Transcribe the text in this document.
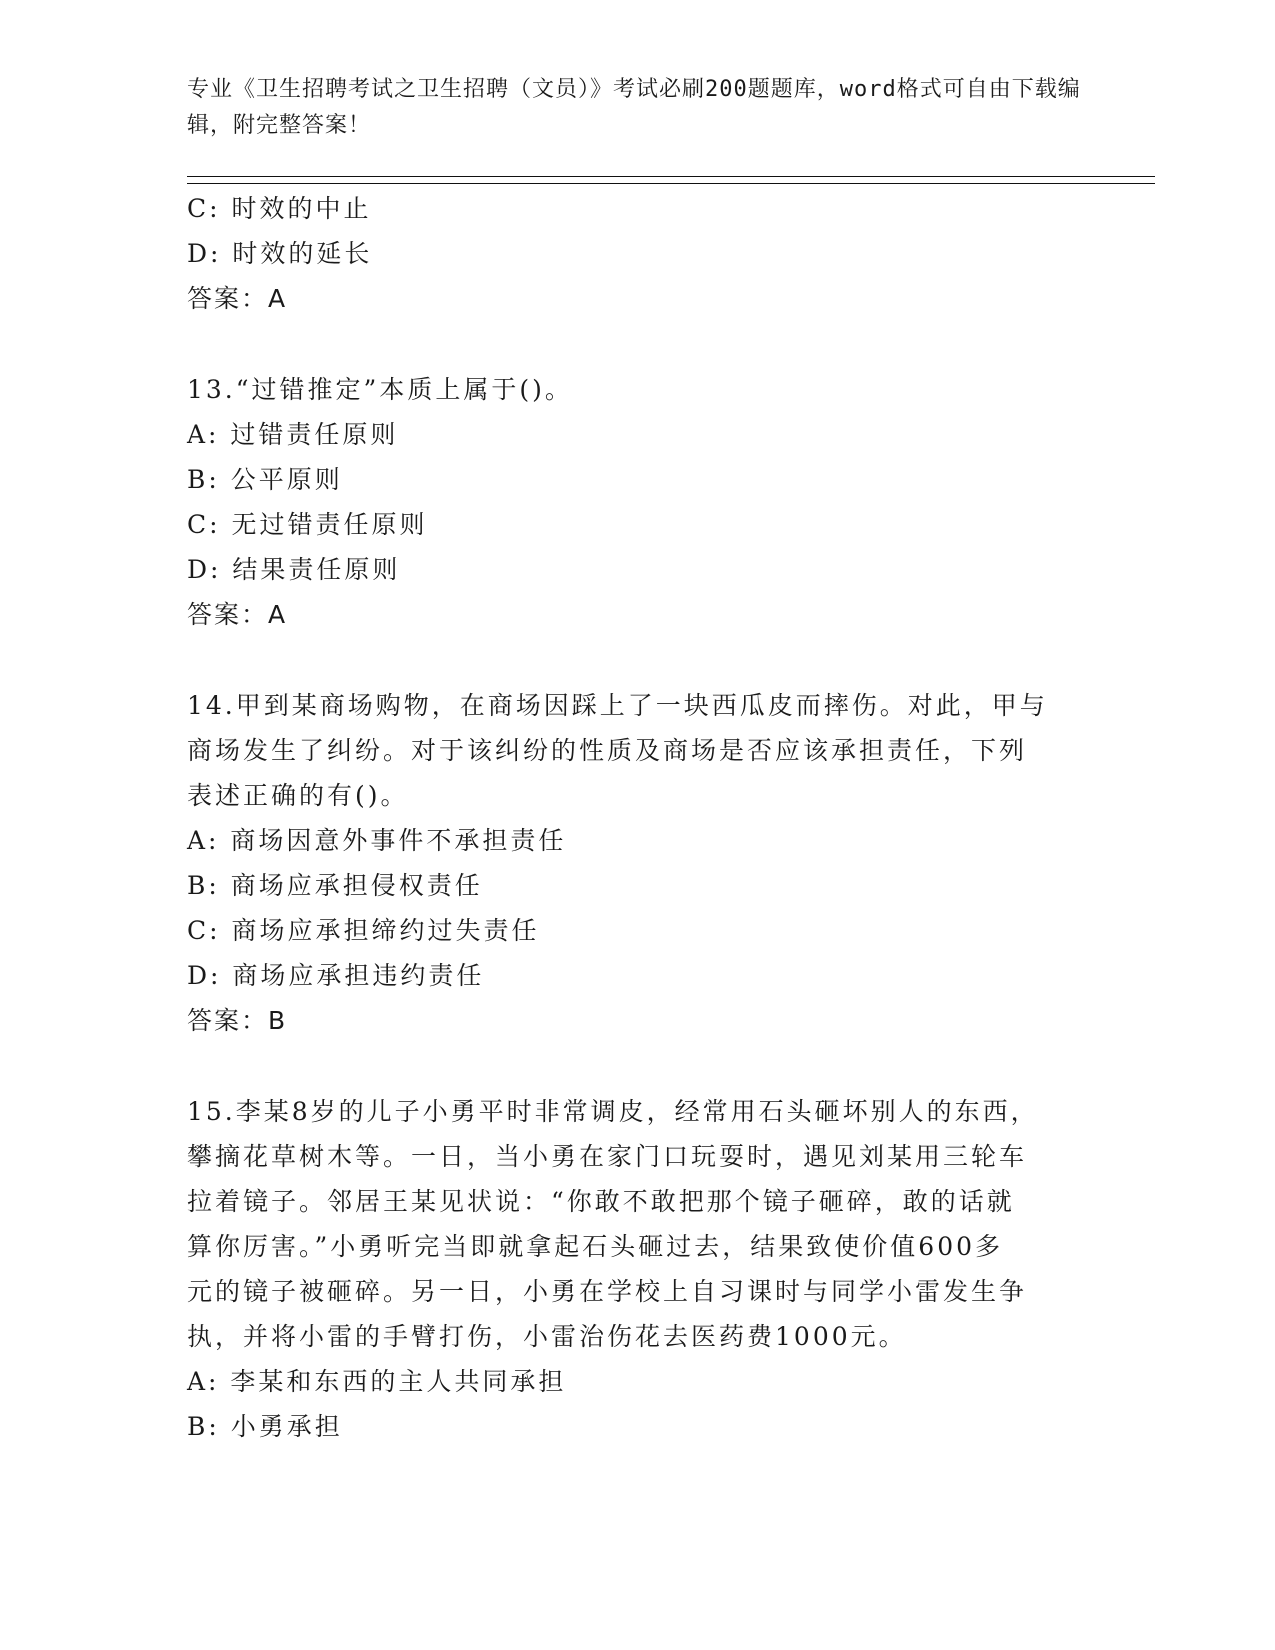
专业《卫生招聘考试之卫生招聘（文员）》考试必刷200题题库，word格式可自由下载编辑，附完整答案！

C: 时效的中止
D: 时效的延长
答案：A
13.“过错推定”本质上属于()。
A: 过错责任原则
B: 公平原则
C: 无过错责任原则
D: 结果责任原则
答案：A
14.甲到某商场购物，在商场因踩上了一块西瓜皮而摔伤。对此，甲与
商场发生了纠纷。对于该纠纷的性质及商场是否应该承担责任，下列
表述正确的有()。
A: 商场因意外事件不承担责任
B: 商场应承担侵权责任
C: 商场应承担缔约过失责任
D: 商场应承担违约责任
答案：B
15.李某8岁的儿子小勇平时非常调皮，经常用石头砸坏别人的东西，
攀摘花草树木等。一日，当小勇在家门口玩耍时，遇见刘某用三轮车
拉着镜子。邻居王某见状说：“你敢不敢把那个镜子砸碎，敢的话就
算你厉害。”小勇听完当即就拿起石头砸过去，结果致使价值600多
元的镜子被砸碎。另一日，小勇在学校上自习课时与同学小雷发生争
执，并将小雷的手臂打伤，小雷治伤花去医药费1000元。
A: 李某和东西的主人共同承担
B: 小勇承担
